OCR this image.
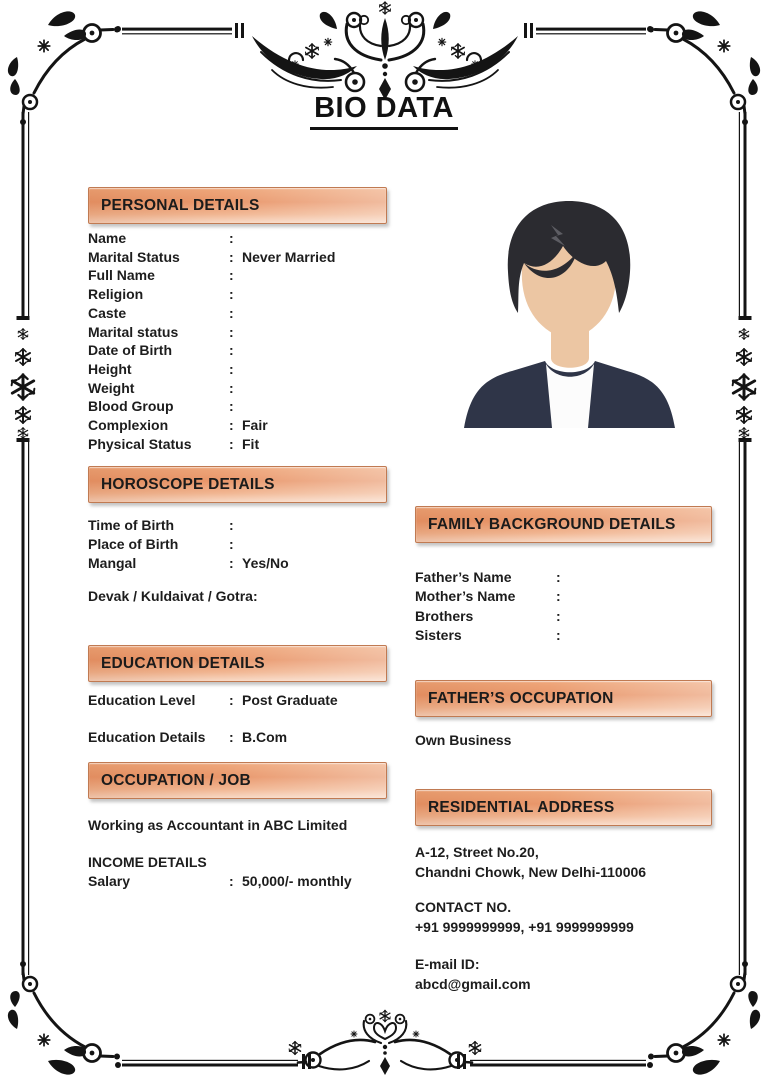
BIO DATA
PERSONAL DETAILS
Name	:
Marital Status	: Never Married
Full Name	:
Religion	:
Caste	:
Marital status	:
Date of Birth	:
Height	:
Weight	:
Blood Group	:
Complexion	: Fair
Physical Status	: Fit
HOROSCOPE DETAILS
Time of Birth	:
Place of Birth	:
Mangal	: Yes/No
Devak / Kuldaivat / Gotra:
EDUCATION DETAILS
Education Level	: Post Graduate
Education Details	: B.Com
OCCUPATION / JOB
Working as Accountant in ABC Limited
INCOME DETAILS
Salary	: 50,000/- monthly
FAMILY BACKGROUND DETAILS
Father’s Name	:
Mother’s Name	:
Brothers	:
Sisters	:
FATHER’S OCCUPATION
Own Business
RESIDENTIAL ADDRESS
A-12, Street No.20,
Chandni Chowk, New Delhi-110006
CONTACT NO.
+91 9999999999, +91 9999999999
E-mail ID:
abcd@gmail.com
